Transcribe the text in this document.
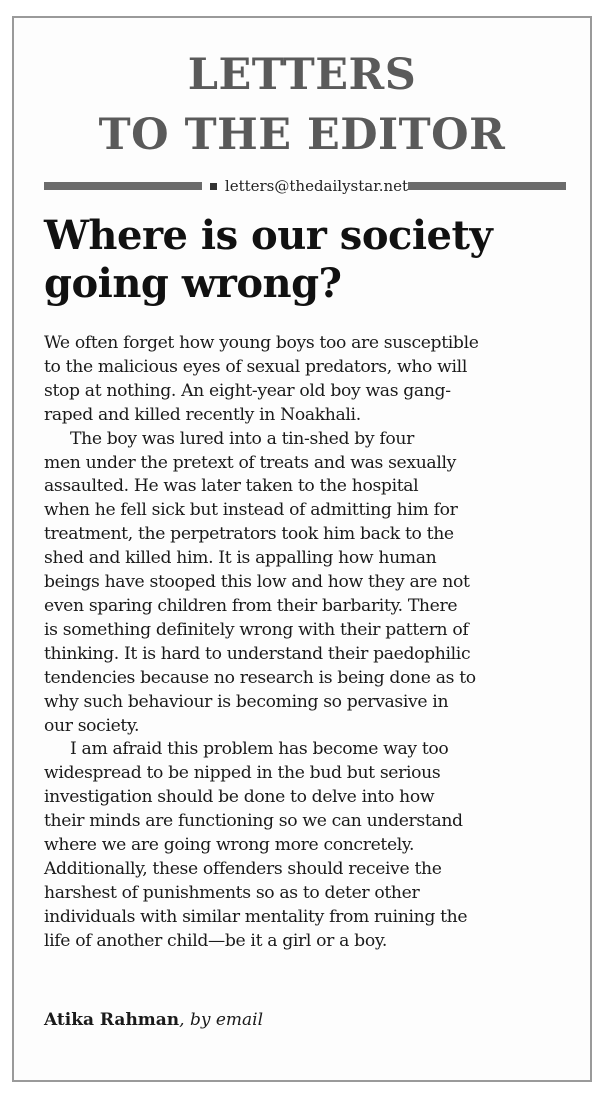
LETTERS
TO THE EDITOR
letters@thedailystar.net
Where is our society going wrong?
We often forget how young boys too are susceptible
to the malicious eyes of sexual predators, who will
stop at nothing. An eight-year old boy was gang-
raped and killed recently in Noakhali.
The boy was lured into a tin-shed by four
men under the pretext of treats and was sexually
assaulted. He was later taken to the hospital
when he fell sick but instead of admitting him for
treatment, the perpetrators took him back to the
shed and killed him. It is appalling how human
beings have stooped this low and how they are not
even sparing children from their barbarity. There
is something definitely wrong with their pattern of
thinking. It is hard to understand their paedophilic
tendencies because no research is being done as to
why such behaviour is becoming so pervasive in
our society.
I am afraid this problem has become way too
widespread to be nipped in the bud but serious
investigation should be done to delve into how
their minds are functioning so we can understand
where we are going wrong more concretely.
Additionally, these offenders should receive the
harshest of punishments so as to deter other
individuals with similar mentality from ruining the
life of another child—be it a girl or a boy.
Atika Rahman, by email
